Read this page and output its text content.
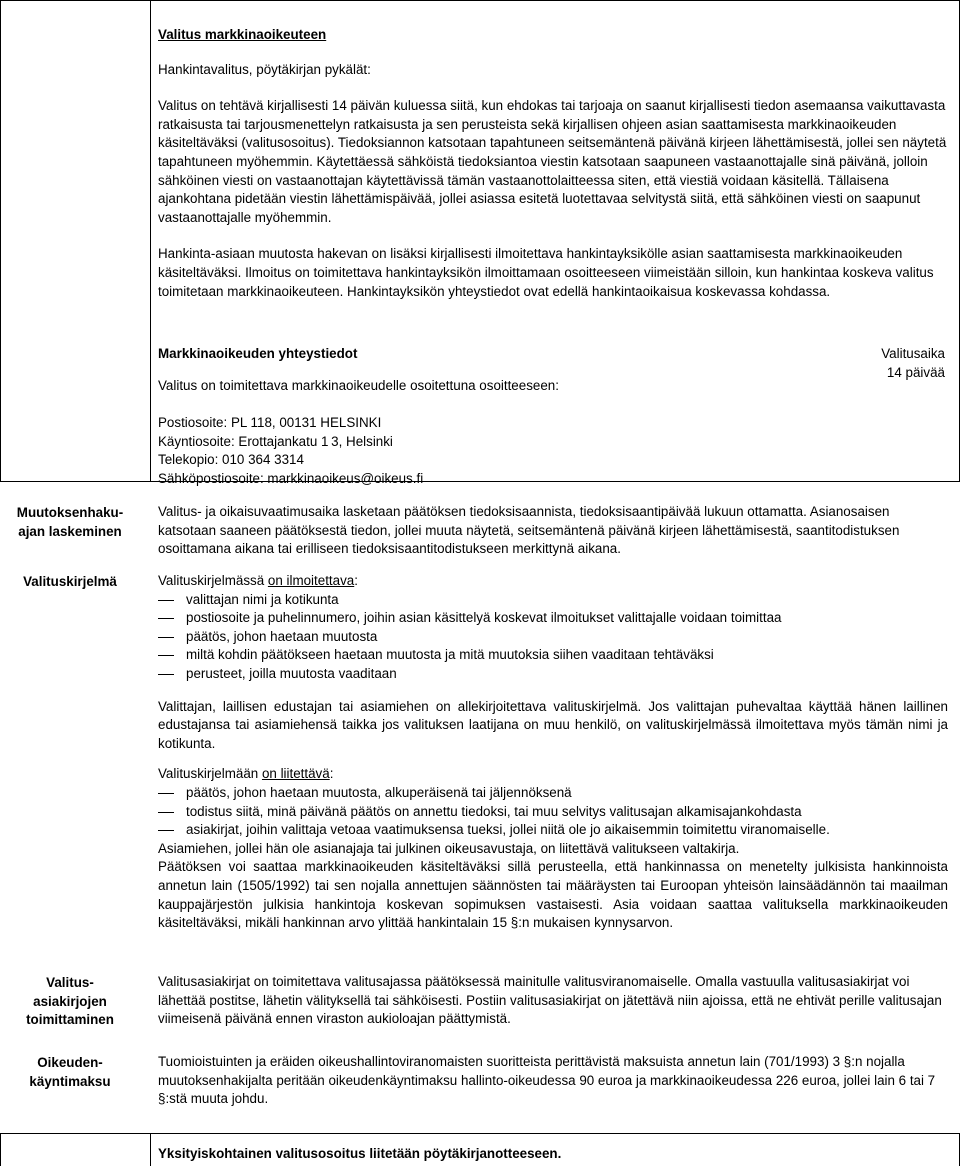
Valitus markkinaoikeuteen

Hankintavalitus, pöytäkirjan pykälät:

Valitus on tehtävä kirjallisesti 14 päivän kuluessa siitä, kun ehdokas tai tarjoaja on saanut kirjallisesti tiedon asemaansa vaikuttavasta ratkaisusta tai tarjousmenettelyn ratkaisusta ja sen perusteista sekä kirjallisen ohjeen asian saattamisesta markkinaoikeuden käsiteltäväksi (valitusosoitus). Tiedoksiannon katsotaan tapahtuneen seitsemäntenä päivänä kirjeen lähettämisestä, jollei sen näytetä tapahtuneen myöhemmin. Käytettäessä sähköistä tiedoksiantoa viestin katsotaan saapuneen vastaanottajalle sinä päivänä, jolloin sähköinen viesti on vastaanottajan käytettävissä tämän vastaanottolaitteessa siten, että viestiä voidaan käsitellä. Tällaisena ajankohtana pidetään viestin lähettämispäivää, jollei asiassa esitetä luotettavaa selvitystä siitä, että sähköinen viesti on saapunut vastaanottajalle myöhemmin.

Hankinta-asiaan muutosta hakevan on lisäksi kirjallisesti ilmoitettava hankintayksikölle asian saattamisesta markkinaoikeuden käsiteltäväksi. Ilmoitus on toimitettava hankintayksikön ilmoittamaan osoitteeseen viimeistään silloin, kun hankintaa koskeva valitus toimitetaan markkinaoikeuteen. Hankintayksikön yhteystiedot ovat edellä hankintaoikaisua koskevassa kohdassa.

Markkinaoikeuden yhteystiedot	Valitusaika
14 päivää
Valitus on toimitettava markkinaoikeudelle osoitettuna osoitteeseen:

Postiosoite: PL 118, 00131 HELSINKI

Käyntiosoite: Erottajankatu 1 3, Helsinki

Telekopio: 010 364 3314

Sähköpostiosoite: markkinaoikeus@oikeus.fi

Muutoksenhaku-ajan laskeminen
Valitus- ja oikaisuvaatimusaika lasketaan päätöksen tiedoksisaannista, tiedoksisaantipäivää lukuun ottamatta. Asianosaisen katsotaan saaneen päätöksestä tiedon, jollei muuta näytetä, seitsemäntenä päivänä kirjeen lähettämisestä, saantitodistuksen osoittamana aikana tai erilliseen tiedoksisaantitodistukseen merkittynä aikana.
Valituskirjelmä	Valituskirjelmässä on ilmoitettava:

valittajan nimi ja kotikunta
postiosoite ja puhelinnumero, joihin asian käsittelyä koskevat ilmoitukset valittajalle voidaan toimittaa
päätös, johon haetaan muutosta
miltä kohdin päätökseen haetaan muutosta ja mitä muutoksia siihen vaaditaan tehtäväksi
perusteet, joilla muutosta vaaditaan

Valittajan, laillisen edustajan tai asiamiehen on allekirjoitettava valituskirjelmä. Jos valittajan puhevaltaa käyttää hänen laillinen edustajansa tai asiamiehensä taikka jos valituksen laatijana on muu henkilö, on valituskirjelmässä ilmoitettava myös tämän nimi ja kotikunta.

Valituskirjelmään on liitettävä:

päätös, johon haetaan muutosta, alkuperäisenä tai jäljennöksenä
todistus siitä, minä päivänä päätös on annettu tiedoksi, tai muu selvitys valitusajan alkamisajankohdasta
asiakirjat, joihin valittaja vetoaa vaatimuksensa tueksi, jollei niitä ole jo aikaisemmin toimitettu viranomaiselle.

Asiamiehen, jollei hän ole asianajaja tai julkinen oikeusavustaja, on liitettävä valitukseen valtakirja.

Päätöksen voi saattaa markkinaoikeuden käsiteltäväksi sillä perusteella, että hankinnassa on menetelty julkisista hankinnoista annetun lain (1505/1992) tai sen nojalla annettujen säännösten tai määräysten tai Euroopan yhteisön lainsäädännön tai maailman kauppajärjestön julkisia hankintoja koskevan sopimuksen vastaisesti. Asia voidaan saattaa valituksella markkinaoikeuden käsiteltäväksi, mikäli hankinnan arvo ylittää hankintalain 15 §:n mukaisen kynnysarvon.

Valitus-
asiakirjojen
toimittaminen
Valitusasiakirjat on toimitettava valitusajassa päätöksessä mainitulle valitusviranomaiselle. Omalla vastuulla valitusasiakirjat voi lähettää postitse, lähetin välityksellä tai sähköisesti. Postiin valitusasiakirjat on jätettävä niin ajoissa, että ne ehtivät perille valitusajan viimeisenä päivänä ennen viraston aukioloajan päättymistä.
Oikeuden-
käyntimaksu
Tuomioistuinten ja eräiden oikeushallintoviranomaisten suoritteista perittävistä maksuista annetun lain (701/1993) 3 §:n nojalla muutoksenhakijalta peritään oikeudenkäyntimaksu hallinto-oikeudessa 90 euroa ja markkinaoikeudessa 226 euroa, jollei lain 6 tai 7 §:stä muuta johdu.
Yksityiskohtainen valitusosoitus liitetään pöytäkirjanotteeseen.
